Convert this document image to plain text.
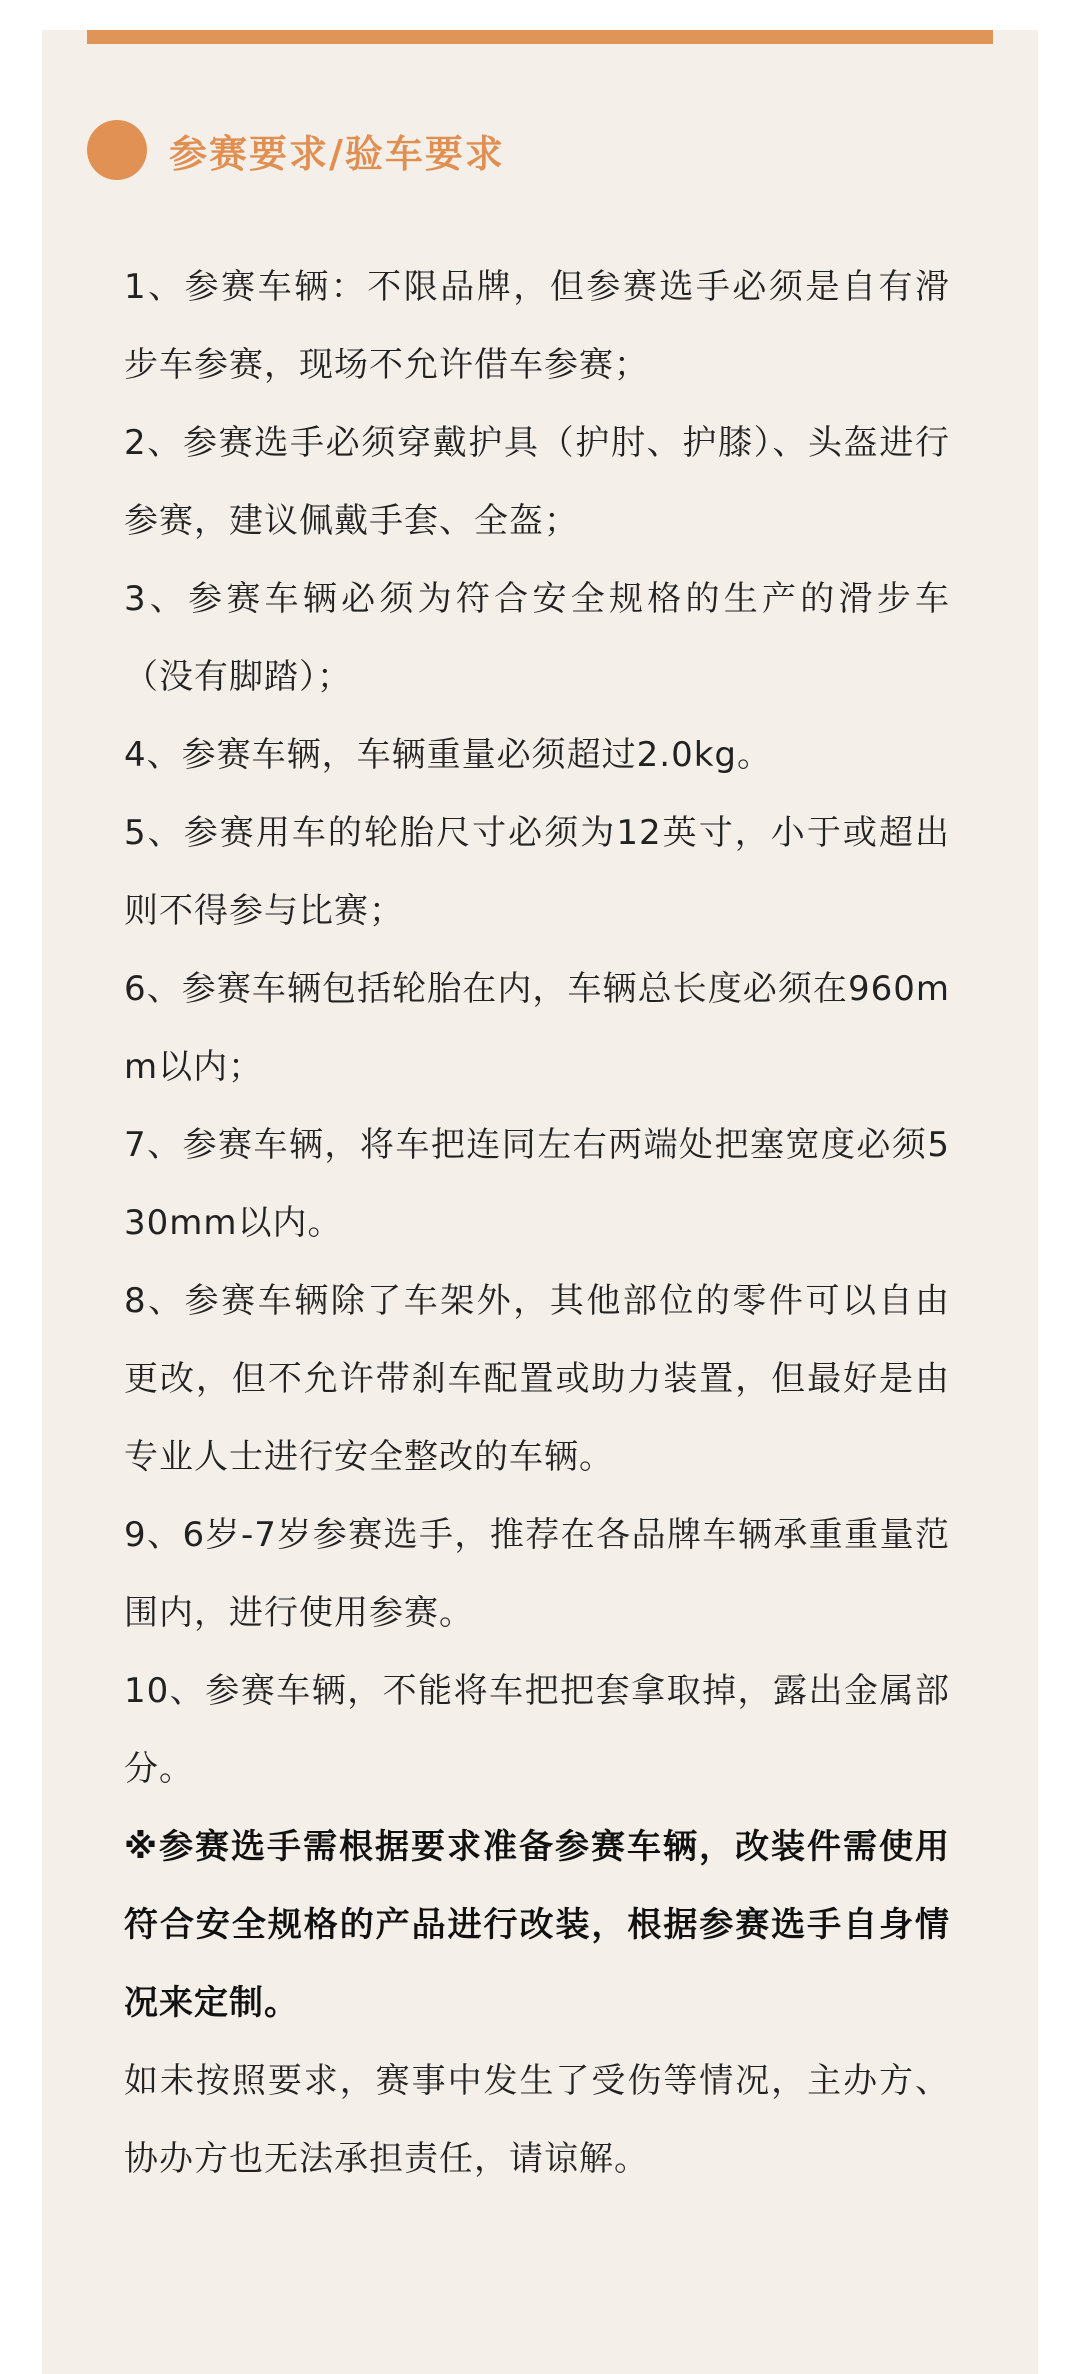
参赛要求/验车要求

1、参赛车辆：不限品牌，但参赛选手必须是自有滑步车参赛，现场不允许借车参赛；

2、参赛选手必须穿戴护具（护肘、护膝）、头盔进行参赛，建议佩戴手套、全盔；

3、参赛车辆必须为符合安全规格的生产的滑步车（没有脚踏）；

4、参赛车辆，车辆重量必须超过2.0kg。

5、参赛用车的轮胎尺寸必须为12英寸，小于或超出则不得参与比赛；

6、参赛车辆包括轮胎在内，车辆总长度必须在960mm以内；

7、参赛车辆，将车把连同左右两端处把塞宽度必须530mm以内。

8、参赛车辆除了车架外，其他部位的零件可以自由更改，但不允许带刹车配置或助力装置，但最好是由专业人士进行安全整改的车辆。

9、6岁-7岁参赛选手，推荐在各品牌车辆承重重量范围内，进行使用参赛。

10、参赛车辆，不能将车把把套拿取掉，露出金属部分。

※参赛选手需根据要求准备参赛车辆，改装件需使用符合安全规格的产品进行改装，根据参赛选手自身情况来定制。

如未按照要求，赛事中发生了受伤等情况，主办方、协办方也无法承担责任，请谅解。
